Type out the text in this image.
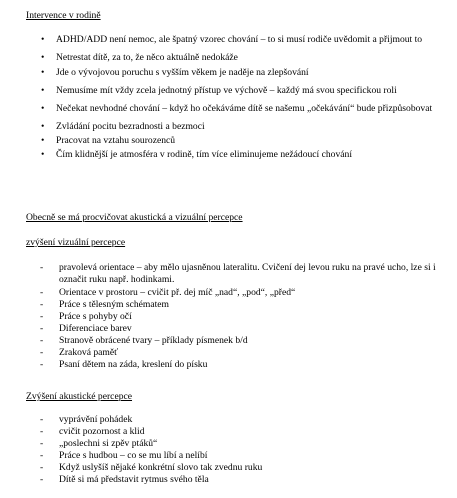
Intervence v rodině
• ADHD/ADD není nemoc, ale špatný vzorec chování – to si musí rodiče uvědomit a přijmout to
• Netrestat dítě, za to, že něco aktuálně nedokáže
• Jde o vývojovou poruchu s vyšším věkem je naděje na zlepšování
• Nemusíme mít vždy zcela jednotný přístup ve výchově – každý má svou specifickou roli
• Nečekat nevhodné chování – když ho očekáváme dítě se našemu „očekávání“ bude přizpůsobovat
• Zvládání pocitu bezradnosti a bezmoci
• Pracovat na vztahu sourozenců
• Čím klidnější je atmosféra v rodině, tím více eliminujeme nežádoucí chování
Obecně se má procvičovat akustická a vizuální percepce
zvýšení vizuální percepce
- pravolevá orientace – aby mělo ujasněnou lateralitu. Cvičení dej levou ruku na pravé ucho, lze si i označit ruku např. hodinkami.
- Orientace v prostoru – cvičit př. dej míč „nad“, „pod“, „před“
- Práce s tělesným schématem
- Práce s pohyby očí
- Diferenciace barev
- Stranově obrácené tvary – příklady písmenek b/d
- Zraková paměť
- Psaní dětem na záda, kreslení do písku
Zvýšení akustické percepce
- vyprávění pohádek
- cvičit pozornost a klid
- „poslechni si zpěv ptáků“
- Práce s hudbou – co se mu líbí a nelíbí
- Když uslyšíš nějaké konkrétní slovo tak zvednu ruku
- Dítě si má představit rytmus svého těla
